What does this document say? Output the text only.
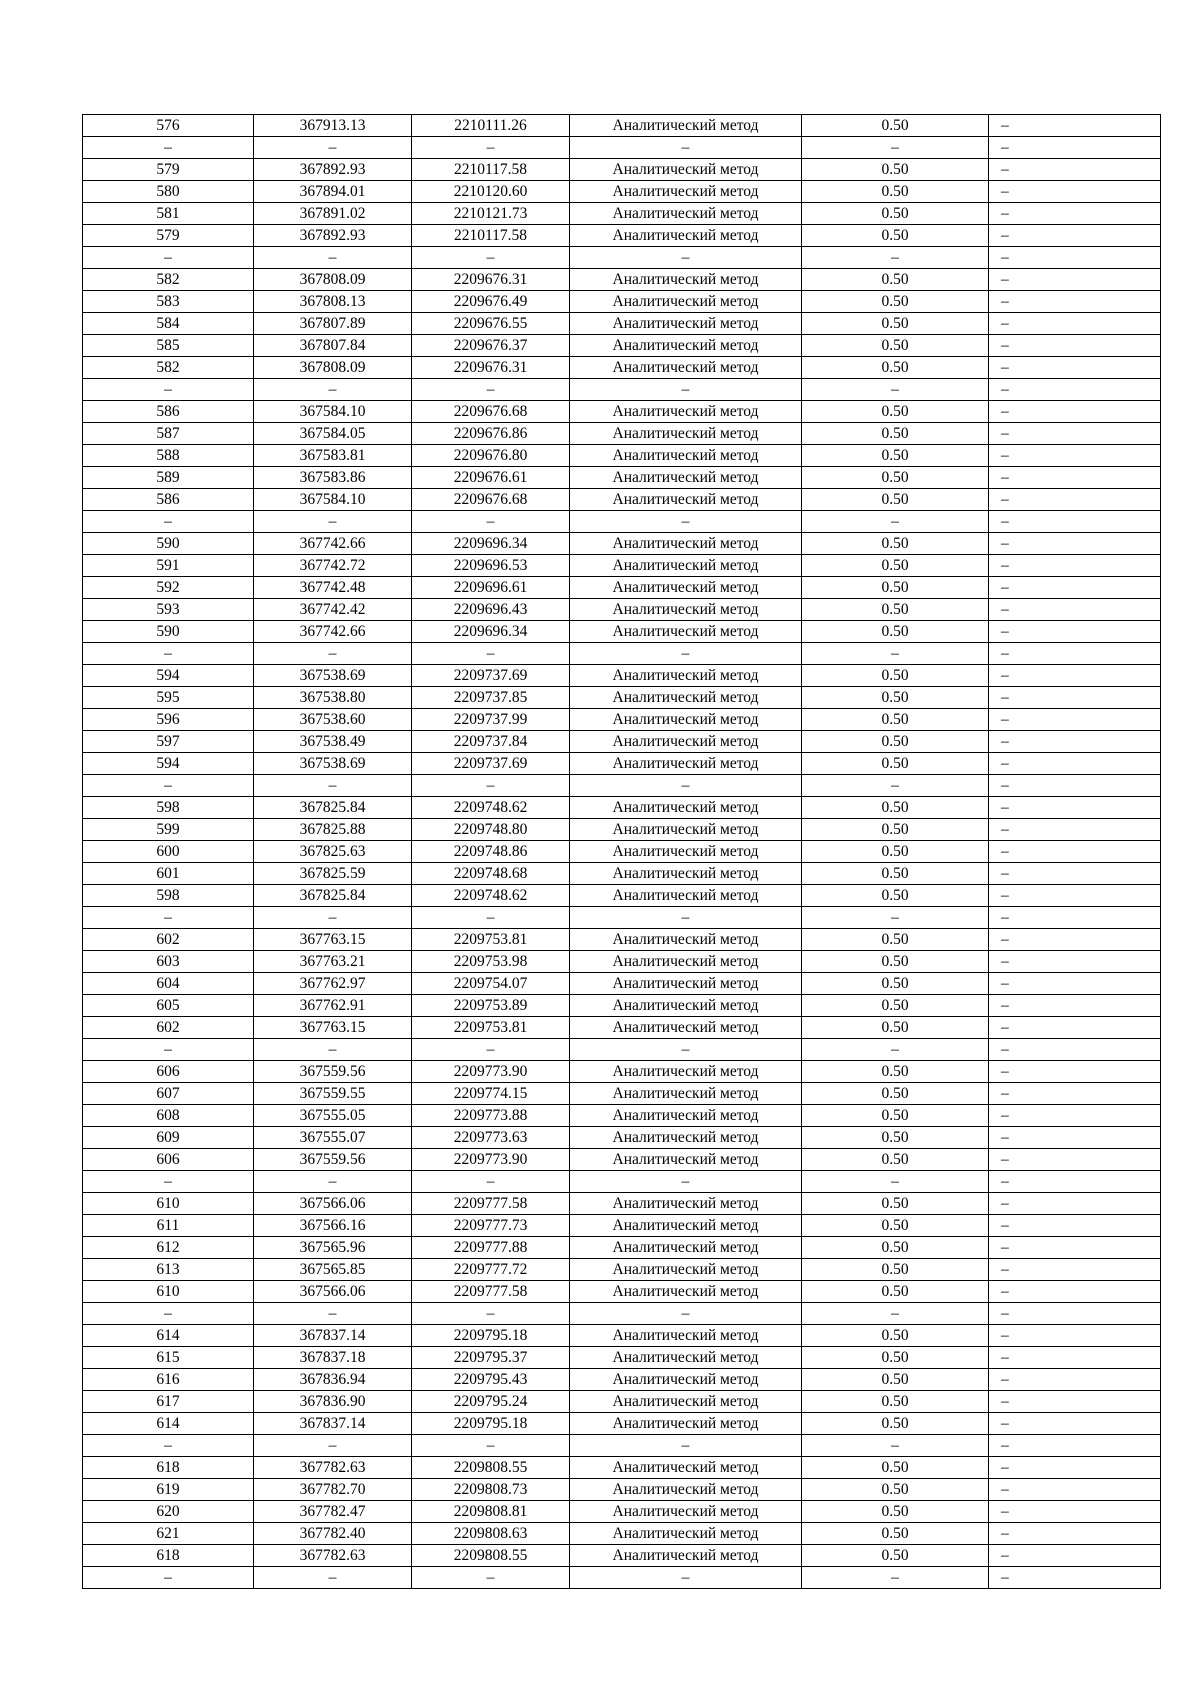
576	367913.13	2210111.26	Аналитический метод	0.50	–
–	–	–	–	–	–
579	367892.93	2210117.58	Аналитический метод	0.50	–
580	367894.01	2210120.60	Аналитический метод	0.50	–
581	367891.02	2210121.73	Аналитический метод	0.50	–
579	367892.93	2210117.58	Аналитический метод	0.50	–
–	–	–	–	–	–
582	367808.09	2209676.31	Аналитический метод	0.50	–
583	367808.13	2209676.49	Аналитический метод	0.50	–
584	367807.89	2209676.55	Аналитический метод	0.50	–
585	367807.84	2209676.37	Аналитический метод	0.50	–
582	367808.09	2209676.31	Аналитический метод	0.50	–
–	–	–	–	–	–
586	367584.10	2209676.68	Аналитический метод	0.50	–
587	367584.05	2209676.86	Аналитический метод	0.50	–
588	367583.81	2209676.80	Аналитический метод	0.50	–
589	367583.86	2209676.61	Аналитический метод	0.50	–
586	367584.10	2209676.68	Аналитический метод	0.50	–
–	–	–	–	–	–
590	367742.66	2209696.34	Аналитический метод	0.50	–
591	367742.72	2209696.53	Аналитический метод	0.50	–
592	367742.48	2209696.61	Аналитический метод	0.50	–
593	367742.42	2209696.43	Аналитический метод	0.50	–
590	367742.66	2209696.34	Аналитический метод	0.50	–
–	–	–	–	–	–
594	367538.69	2209737.69	Аналитический метод	0.50	–
595	367538.80	2209737.85	Аналитический метод	0.50	–
596	367538.60	2209737.99	Аналитический метод	0.50	–
597	367538.49	2209737.84	Аналитический метод	0.50	–
594	367538.69	2209737.69	Аналитический метод	0.50	–
–	–	–	–	–	–
598	367825.84	2209748.62	Аналитический метод	0.50	–
599	367825.88	2209748.80	Аналитический метод	0.50	–
600	367825.63	2209748.86	Аналитический метод	0.50	–
601	367825.59	2209748.68	Аналитический метод	0.50	–
598	367825.84	2209748.62	Аналитический метод	0.50	–
–	–	–	–	–	–
602	367763.15	2209753.81	Аналитический метод	0.50	–
603	367763.21	2209753.98	Аналитический метод	0.50	–
604	367762.97	2209754.07	Аналитический метод	0.50	–
605	367762.91	2209753.89	Аналитический метод	0.50	–
602	367763.15	2209753.81	Аналитический метод	0.50	–
–	–	–	–	–	–
606	367559.56	2209773.90	Аналитический метод	0.50	–
607	367559.55	2209774.15	Аналитический метод	0.50	–
608	367555.05	2209773.88	Аналитический метод	0.50	–
609	367555.07	2209773.63	Аналитический метод	0.50	–
606	367559.56	2209773.90	Аналитический метод	0.50	–
–	–	–	–	–	–
610	367566.06	2209777.58	Аналитический метод	0.50	–
611	367566.16	2209777.73	Аналитический метод	0.50	–
612	367565.96	2209777.88	Аналитический метод	0.50	–
613	367565.85	2209777.72	Аналитический метод	0.50	–
610	367566.06	2209777.58	Аналитический метод	0.50	–
–	–	–	–	–	–
614	367837.14	2209795.18	Аналитический метод	0.50	–
615	367837.18	2209795.37	Аналитический метод	0.50	–
616	367836.94	2209795.43	Аналитический метод	0.50	–
617	367836.90	2209795.24	Аналитический метод	0.50	–
614	367837.14	2209795.18	Аналитический метод	0.50	–
–	–	–	–	–	–
618	367782.63	2209808.55	Аналитический метод	0.50	–
619	367782.70	2209808.73	Аналитический метод	0.50	–
620	367782.47	2209808.81	Аналитический метод	0.50	–
621	367782.40	2209808.63	Аналитический метод	0.50	–
618	367782.63	2209808.55	Аналитический метод	0.50	–
–	–	–	–	–	–
